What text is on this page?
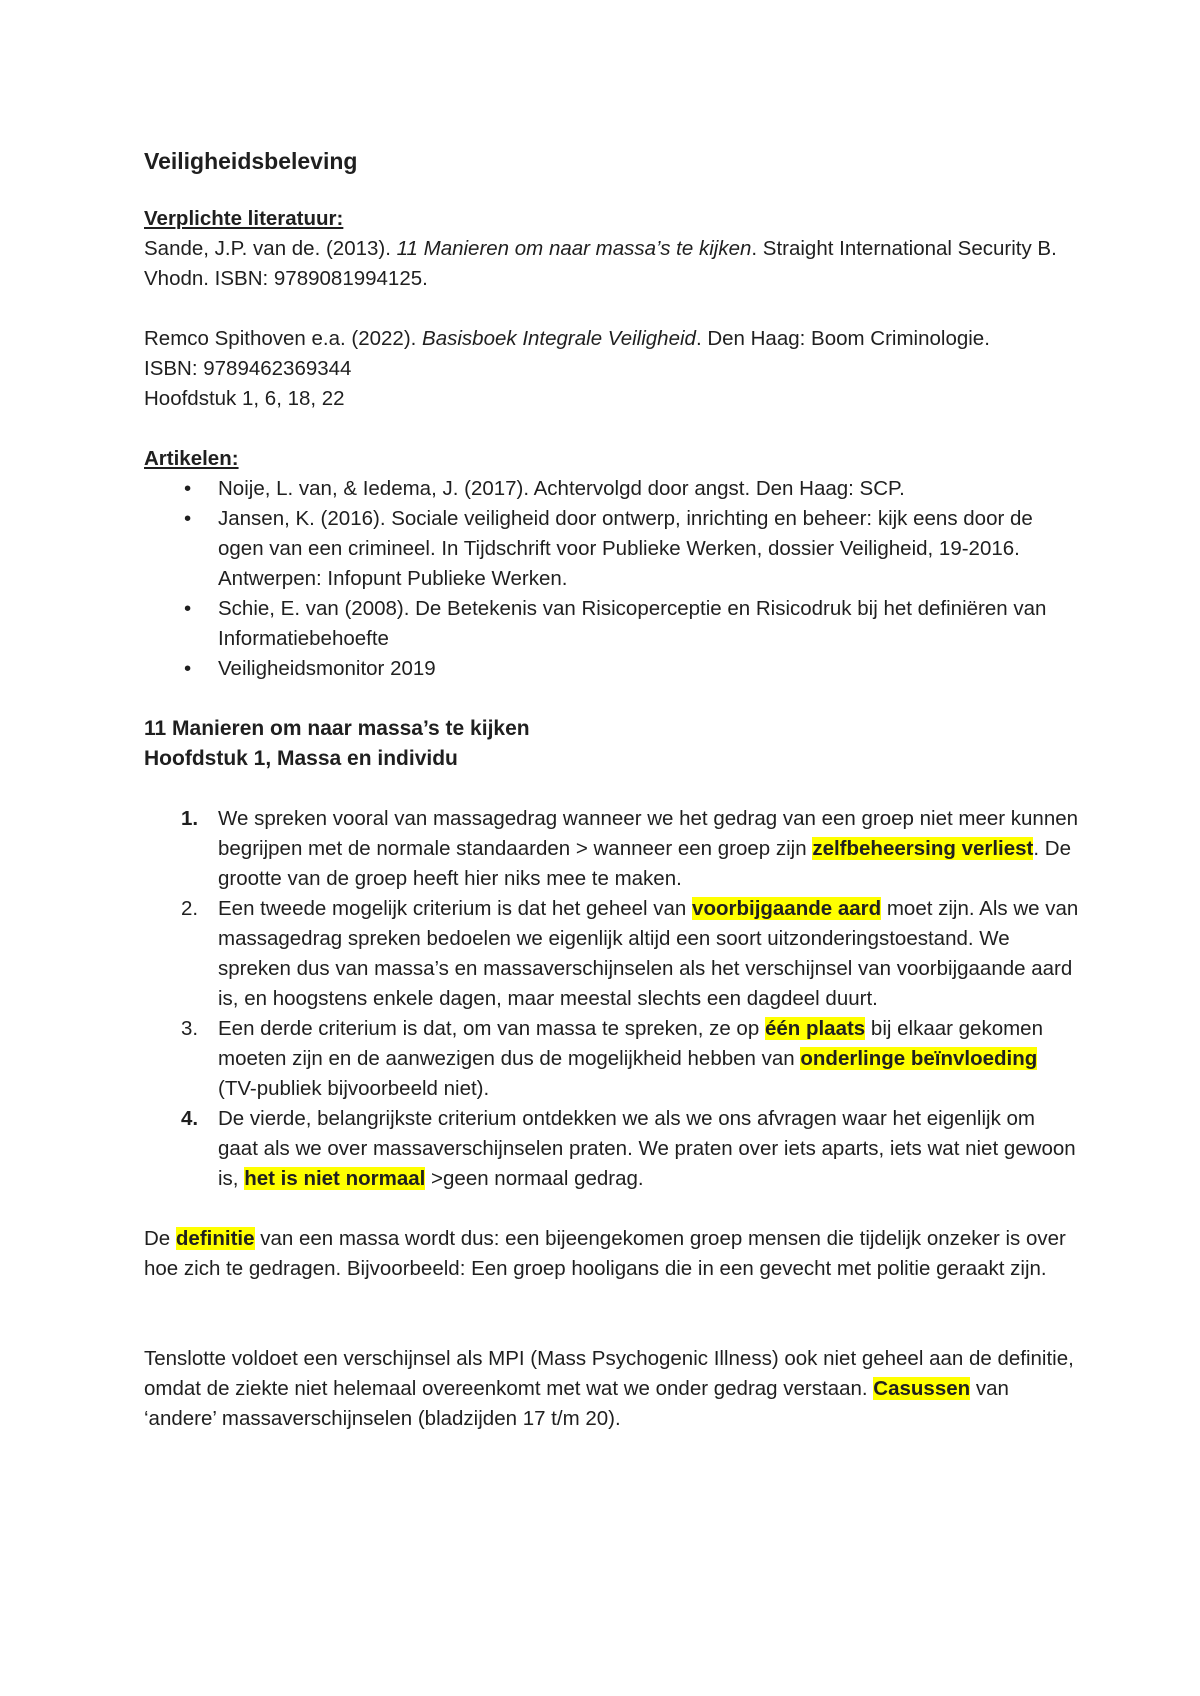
Veiligheidsbeleving

Verplichte literatuur:

Sande, J.P. van de. (2013). 11 Manieren om naar massa’s te kijken. Straight International Security B. Vhodn. ISBN: 9789081994125.

Remco Spithoven e.a. (2022). Basisboek Integrale Veiligheid. Den Haag: Boom Criminologie.

ISBN: 9789462369344

Hoofdstuk 1, 6, 18, 22

Artikelen:

• Noije, L. van, & Iedema, J. (2017). Achtervolgd door angst. Den Haag: SCP.
• Jansen, K. (2016). Sociale veiligheid door ontwerp, inrichting en beheer: kijk eens door de ogen van een crimineel. In Tijdschrift voor Publieke Werken, dossier Veiligheid, 19-2016. Antwerpen: Infopunt Publieke Werken.
• Schie, E. van (2008). De Betekenis van Risicoperceptie en Risicodruk bij het definiëren van Informatiebehoefte
• Veiligheidsmonitor 2019

11 Manieren om naar massa’s te kijken

Hoofdstuk 1, Massa en individu

1. We spreken vooral van massagedrag wanneer we het gedrag van een groep niet meer kunnen begrijpen met de normale standaarden > wanneer een groep zijn zelfbeheersing verliest. De grootte van de groep heeft hier niks mee te maken.
2. Een tweede mogelijk criterium is dat het geheel van voorbijgaande aard moet zijn. Als we van massagedrag spreken bedoelen we eigenlijk altijd een soort uitzonderingstoestand. We spreken dus van massa’s en massaverschijnselen als het verschijnsel van voorbijgaande aard is, en hoogstens enkele dagen, maar meestal slechts een dagdeel duurt.
3. Een derde criterium is dat, om van massa te spreken, ze op één plaats bij elkaar gekomen moeten zijn en de aanwezigen dus de mogelijkheid hebben van onderlinge beïnvloeding (TV-publiek bijvoorbeeld niet).
4. De vierde, belangrijkste criterium ontdekken we als we ons afvragen waar het eigenlijk om gaat als we over massaverschijnselen praten. We praten over iets aparts, iets wat niet gewoon is, het is niet normaal >geen normaal gedrag.

De definitie van een massa wordt dus: een bijeengekomen groep mensen die tijdelijk onzeker is over hoe zich te gedragen. Bijvoorbeeld: Een groep hooligans die in een gevecht met politie geraakt zijn.

Tenslotte voldoet een verschijnsel als MPI (Mass Psychogenic Illness) ook niet geheel aan de definitie, omdat de ziekte niet helemaal overeenkomt met wat we onder gedrag verstaan. Casussen van ‘andere’ massaverschijnselen (bladzijden 17 t/m 20).
